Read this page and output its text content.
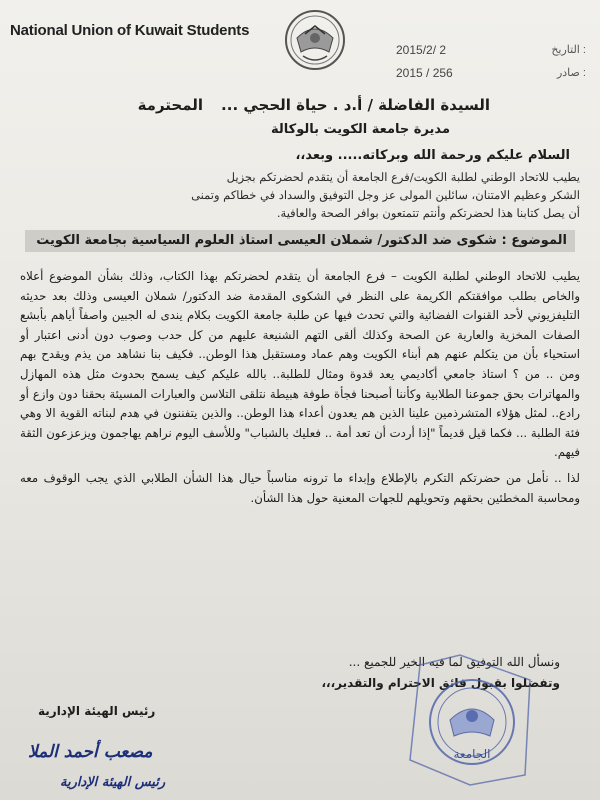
National Union of Kuwait Students
2015/2/ 2	التاريخ :
2015 / 256	صادر :
السيدة الفاضلة / أ.د . حياة الحجي ...المحترمة
مديرة جامعة الكويت بالوكالة
السلام عليكم ورحمة الله وبركاته..... وبعد،،
يطيب للاتحاد الوطني لطلبة الكويت/فرع الجامعة أن يتقدم لحضرتكم بجزيل
الشكر وعظيم الامتنان، سائلين المولى عز وجل التوفيق والسداد في خطاكم وتمنى
أن يصل كتابنا هذا لحضرتكم وأنتم تتمتعون بوافر الصحة والعافية.
الموضوع : شكوى ضد الدكتور/ شملان العيسى استاذ العلوم السياسية بجامعة الكويت

يطيب للاتحاد الوطني لطلبة الكويت – فرع الجامعة أن يتقدم لحضرتكم بهذا الكتاب، وذلك بشأن الموضوع أعلاه والخاص بطلب موافقتكم الكريمة على النظر في الشكوى المقدمة ضد الدكتور/ شملان العيسى وذلك بعد حديثه التليفزيوني لأحد القنوات الفضائية والتي تحدث فيها عن طلبة جامعة الكويت بكلام يندى له الجبين واصفاً أياهم بأبشع الصفات المخزية والعارية عن الصحة وكذلك ألقى التهم الشنيعة عليهم من كل حدب وصوب دون أدنى اعتبار أو استحياء بأن من يتكلم عنهم هم أبناء الكويت وهم عماد ومستقبل هذا الوطن.. فكيف بنا نشاهد من يذم ويقدح بهم ومن .. من ؟ استاذ جامعي أكاديمي يعد قدوة ومثال للطلبة.. بالله عليكم كيف يسمح بحدوث مثل هذه المهازل والمهاترات بحق جموعنا الطلابية وكأننا أصبحنا فجأة طوفة هبيطة نتلقى التلاسن والعبارات المسيئة بحقنا دون وازع أو رادع.. لمثل هؤلاء المتشرذمين علينا الذين هم يعدون أعداء هذا الوطن.. والذين يتفننون في هدم لبناته القوية الا وهي فئة الطلبة ... فكما قيل قديماً "إذا أردت أن تعد أمة .. فعليك بالشباب" وللأسف اليوم نراهم يهاجمون ويزعزعون الثقة فيهم.

لذا .. نأمل من حضرتكم التكرم بالإطلاع وإبداء ما ترونه مناسباً حيال هذا الشأن الطلابي الذي يجب الوقوف معه ومحاسبة المخطئين بحقهم وتحويلهم للجهات المعنية حول هذا الشأن.

ونسأل الله التوفيق لما فيه الخير للجميع ...
وتفضلوا بقبول فائق الاحترام والتقدير،،،
رئيس الهيئة الإدارية
مصعب أحمد الملا
رئيس الهيئة الإدارية
الجامعة
